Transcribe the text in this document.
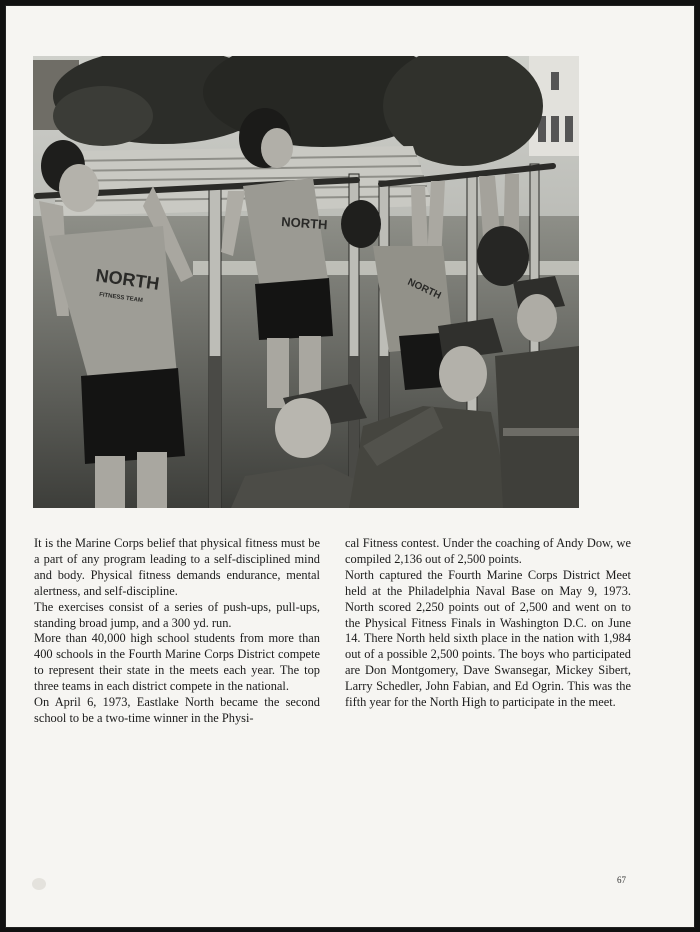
NORTH
FITNESS TEAM
NORTH
NORTH

It is the Marine Corps belief that physical fitness must be a part of any program leading to a self-disciplined mind and body. Physical fitness demands endurance, mental alertness, and self-discipline.

The exercises consist of a series of push-ups, pull-ups, standing broad jump, and a 300 yd. run.

More than 40,000 high school students from more than 400 schools in the Fourth Marine Corps District compete to represent their state in the meets each year. The top three teams in each district compete in the national.

On April 6, 1973, Eastlake North became the second school to be a two-time winner in the Physi-

cal Fitness contest. Under the coaching of Andy Dow, we compiled 2,136 out of 2,500 points.

North captured the Fourth Marine Corps District Meet held at the Philadelphia Naval Base on May 9, 1973. North scored 2,250 points out of 2,500 and went on to the Physical Fitness Finals in Washington D.C. on June 14. There North held sixth place in the nation with 1,984 out of a possible 2,500 points. The boys who participated are Don Montgomery, Dave Swansegar, Mickey Sibert, Larry Schedler, John Fabian, and Ed Ogrin. This was the fifth year for the North High to participate in the meet.

67
